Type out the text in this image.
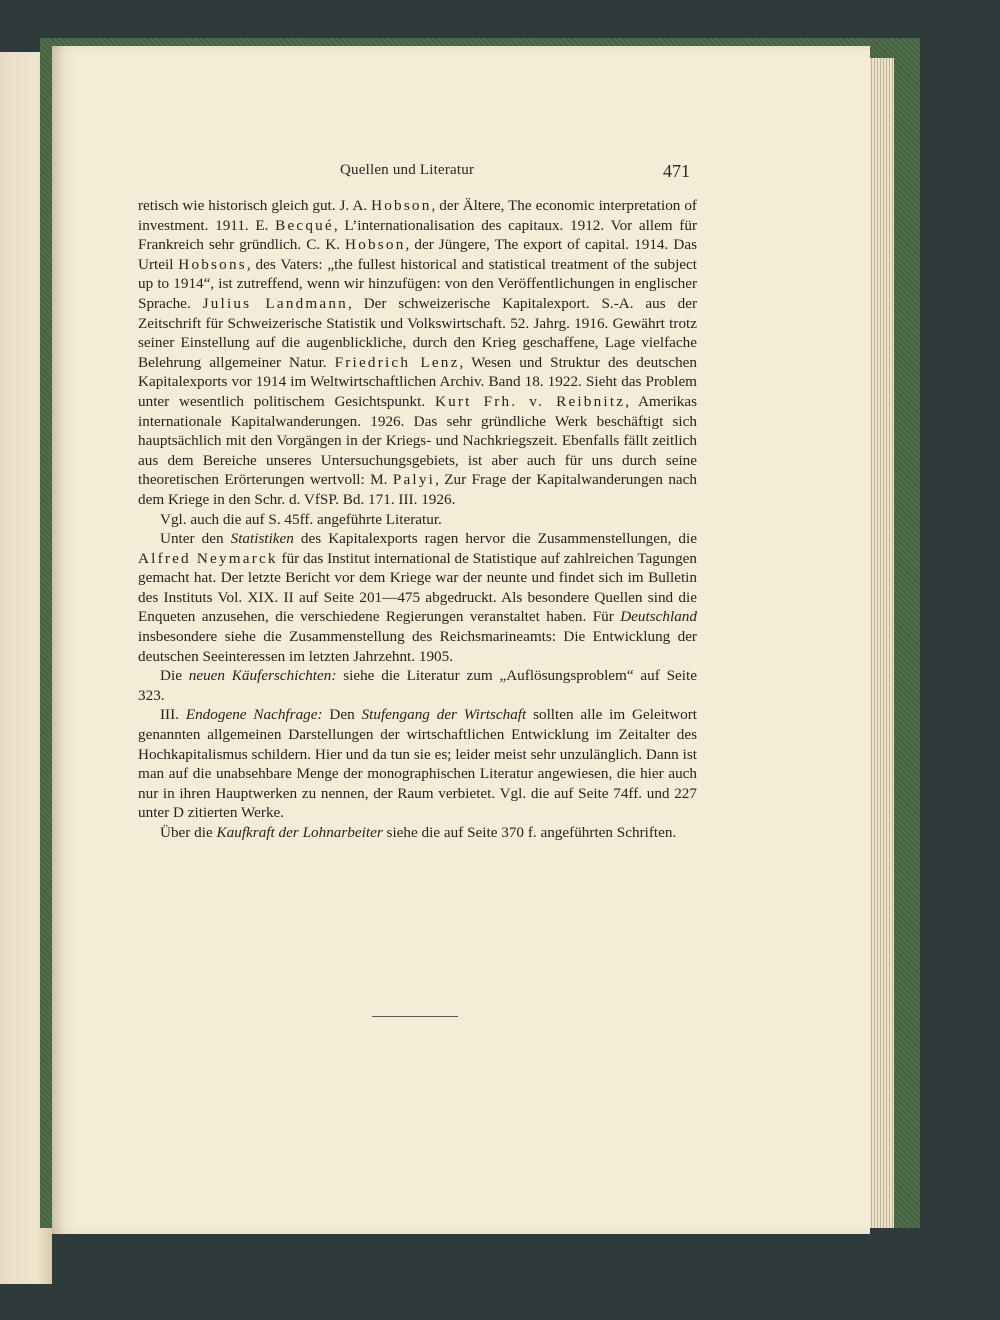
Quellen und Literatur	471

retisch wie historisch gleich gut. J. A. Hobson, der Ältere, The economic interpretation of investment. 1911. E. Becqué, L’internationalisation des capitaux. 1912. Vor allem für Frankreich sehr gründlich. C. K. Hobson, der Jüngere, The export of capital. 1914. Das Urteil Hobsons, des Vaters: „the fullest historical and statistical treatment of the subject up to 1914“, ist zutreffend, wenn wir hinzufügen: von den Veröffentlichungen in englischer Sprache. Julius Landmann, Der schweizerische Kapitalexport. S.-A. aus der Zeitschrift für Schweizerische Statistik und Volkswirtschaft. 52. Jahrg. 1916. Gewährt trotz seiner Einstellung auf die augenblickliche, durch den Krieg geschaffene, Lage vielfache Belehrung allgemeiner Natur. Friedrich Lenz, Wesen und Struktur des deutschen Kapitalexports vor 1914 im Weltwirtschaftlichen Archiv. Band 18. 1922. Sieht das Problem unter wesentlich politischem Gesichtspunkt. Kurt Frh. v. Reibnitz, Amerikas internationale Kapitalwanderungen. 1926. Das sehr gründliche Werk beschäftigt sich hauptsächlich mit den Vorgängen in der Kriegs- und Nachkriegszeit. Ebenfalls fällt zeitlich aus dem Bereiche unseres Untersuchungsgebiets, ist aber auch für uns durch seine theoretischen Erörterungen wertvoll: M. Palyi, Zur Frage der Kapitalwanderungen nach dem Kriege in den Schr. d. VfSP. Bd. 171. III. 1926.

Vgl. auch die auf S. 45ff. angeführte Literatur.

Unter den Statistiken des Kapitalexports ragen hervor die Zusammenstellungen, die Alfred Neymarck für das Institut international de Statistique auf zahlreichen Tagungen gemacht hat. Der letzte Bericht vor dem Kriege war der neunte und findet sich im Bulletin des Instituts Vol. XIX. II auf Seite 201—475 abgedruckt. Als besondere Quellen sind die Enqueten anzusehen, die verschiedene Regierungen veranstaltet haben. Für Deutschland insbesondere siehe die Zusammenstellung des Reichsmarineamts: Die Entwicklung der deutschen Seeinteressen im letzten Jahrzehnt. 1905.

Die neuen Käuferschichten: siehe die Literatur zum „Auflösungsproblem“ auf Seite 323.

III. Endogene Nachfrage: Den Stufengang der Wirtschaft sollten alle im Geleitwort genannten allgemeinen Darstellungen der wirtschaftlichen Entwicklung im Zeitalter des Hochkapitalismus schildern. Hier und da tun sie es; leider meist sehr unzulänglich. Dann ist man auf die unabsehbare Menge der monographischen Literatur angewiesen, die hier auch nur in ihren Hauptwerken zu nennen, der Raum verbietet. Vgl. die auf Seite 74ff. und 227 unter D zitierten Werke.

Über die Kaufkraft der Lohnarbeiter siehe die auf Seite 370 f. angeführten Schriften.
